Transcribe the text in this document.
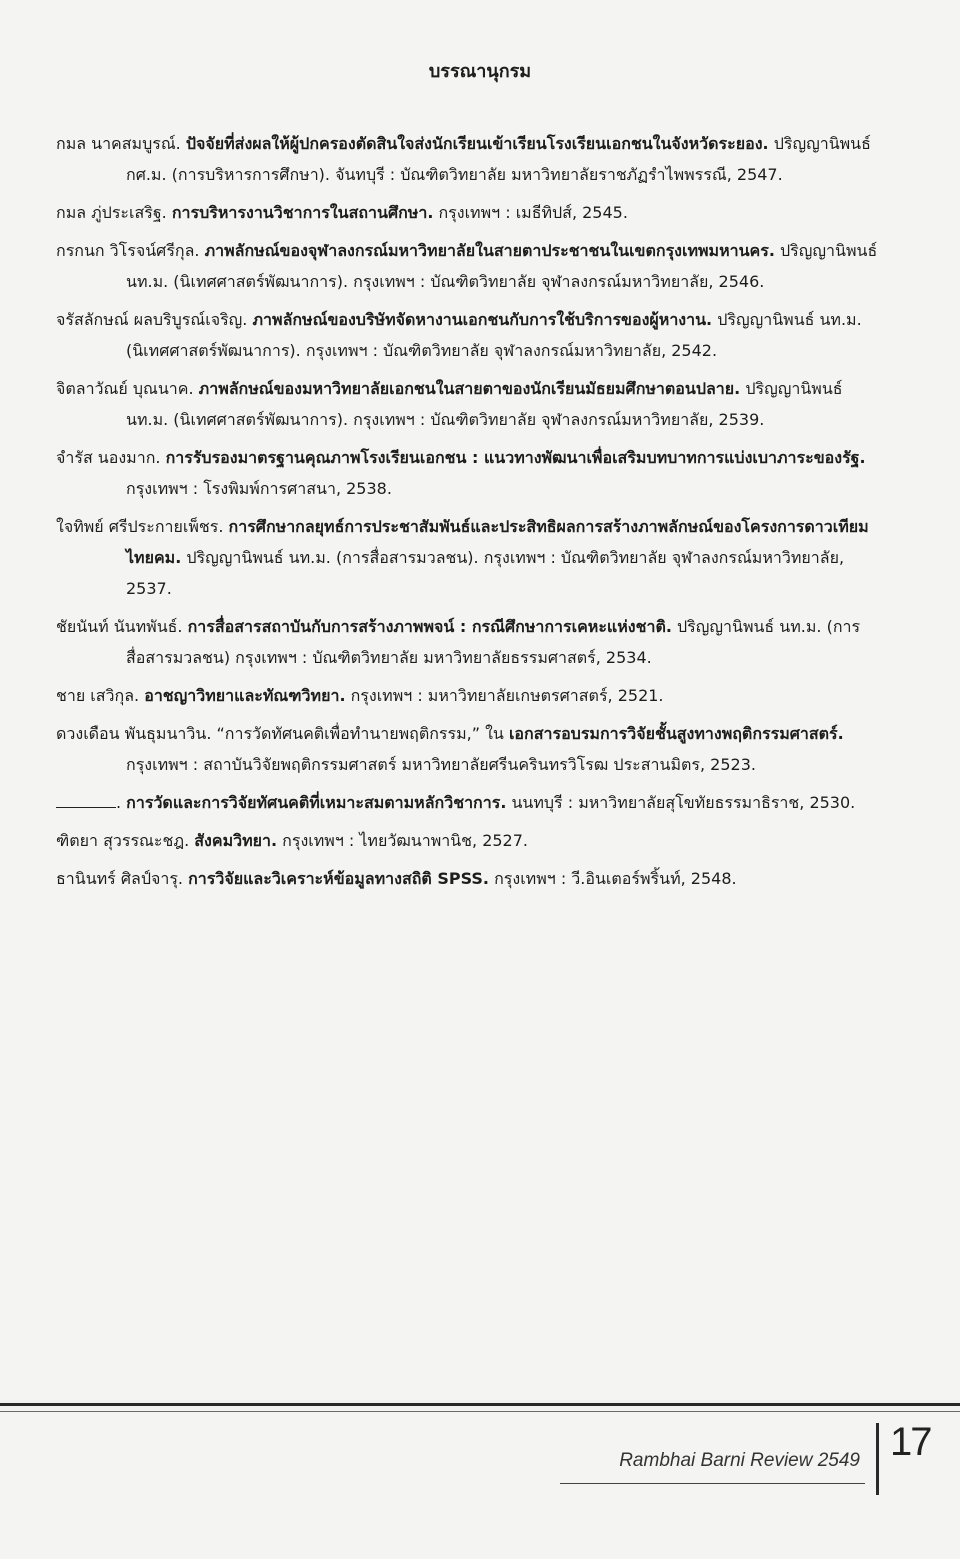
บรรณานุกรม
กมล นาคสมบูรณ์. ปัจจัยที่ส่งผลให้ผู้ปกครองตัดสินใจส่งนักเรียนเข้าเรียนโรงเรียนเอกชนในจังหวัดระยอง. ปริญญานิพนธ์ กศ.ม. (การบริหารการศึกษา). จันทบุรี : บัณฑิตวิทยาลัย มหาวิทยาลัยราชภัฏรำไพพรรณี, 2547.
กมล ภู่ประเสริฐ. การบริหารงานวิชาการในสถานศึกษา. กรุงเทพฯ : เมธีทิปส์, 2545.
กรกนก วิโรจน์ศรีกุล. ภาพลักษณ์ของจุฬาลงกรณ์มหาวิทยาลัยในสายตาประชาชนในเขตกรุงเทพมหานคร. ปริญญานิพนธ์ นท.ม. (นิเทศศาสตร์พัฒนาการ). กรุงเทพฯ : บัณฑิตวิทยาลัย จุฬาลงกรณ์มหาวิทยาลัย, 2546.
จรัสลักษณ์ ผลบริบูรณ์เจริญ. ภาพลักษณ์ของบริษัทจัดหางานเอกชนกับการใช้บริการของผู้หางาน. ปริญญานิพนธ์ นท.ม. (นิเทศศาสตร์พัฒนาการ). กรุงเทพฯ : บัณฑิตวิทยาลัย จุฬาลงกรณ์มหาวิทยาลัย, 2542.
จิตลาวัณย์ บุณนาค. ภาพลักษณ์ของมหาวิทยาลัยเอกชนในสายตาของนักเรียนมัธยมศึกษาตอนปลาย. ปริญญานิพนธ์ นท.ม. (นิเทศศาสตร์พัฒนาการ). กรุงเทพฯ : บัณฑิตวิทยาลัย จุฬาลงกรณ์มหาวิทยาลัย, 2539.
จำรัส นองมาก. การรับรองมาตรฐานคุณภาพโรงเรียนเอกชน : แนวทางพัฒนาเพื่อเสริมบทบาทการแบ่งเบาภาระของรัฐ. กรุงเทพฯ : โรงพิมพ์การศาสนา, 2538.
ใจทิพย์ ศรีประกายเพ็ชร. การศึกษากลยุทธ์การประชาสัมพันธ์และประสิทธิผลการสร้างภาพลักษณ์ของโครงการดาวเทียมไทยคม. ปริญญานิพนธ์ นท.ม. (การสื่อสารมวลชน). กรุงเทพฯ : บัณฑิตวิทยาลัย จุฬาลงกรณ์มหาวิทยาลัย, 2537.
ชัยนันท์ นันทพันธ์. การสื่อสารสถาบันกับการสร้างภาพพจน์ : กรณีศึกษาการเคหะแห่งชาติ. ปริญญานิพนธ์ นท.ม. (การสื่อสารมวลชน) กรุงเทพฯ : บัณฑิตวิทยาลัย มหาวิทยาลัยธรรมศาสตร์, 2534.
ชาย เสวิกุล. อาชญาวิทยาและทัณฑวิทยา. กรุงเทพฯ : มหาวิทยาลัยเกษตรศาสตร์, 2521.
ดวงเดือน พันธุมนาวิน. “การวัดทัศนคติเพื่อทำนายพฤติกรรม,” ใน เอกสารอบรมการวิจัยชั้นสูงทางพฤติกรรมศาสตร์. กรุงเทพฯ : สถาบันวิจัยพฤติกรรมศาสตร์ มหาวิทยาลัยศรีนครินทรวิโรฒ ประสานมิตร, 2523.
. การวัดและการวิจัยทัศนคติที่เหมาะสมตามหลักวิชาการ. นนทบุรี : มหาวิทยาลัยสุโขทัยธรรมาธิราช, 2530.
ฑิตยา สุวรรณะชฎ. สังคมวิทยา. กรุงเทพฯ : ไทยวัฒนาพานิช, 2527.
ธานินทร์ ศิลป์จารุ. การวิจัยและวิเคราะห์ข้อมูลทางสถิติ SPSS. กรุงเทพฯ : วี.อินเตอร์พริ้นท์, 2548.
Rambhai Barni Review 2549 17
